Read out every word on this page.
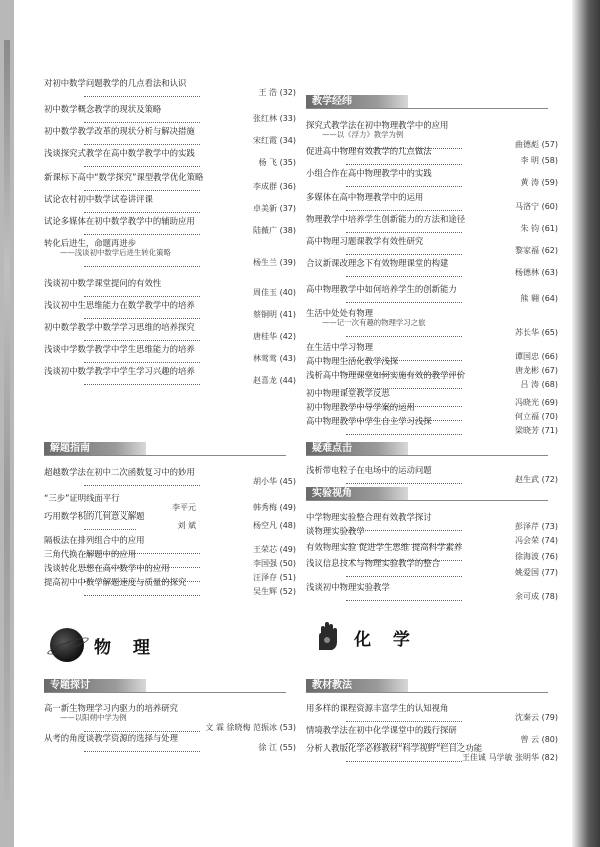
对初中数学问题教学的几点看法和认识
王 浩 (32)
初中数学概念教学的现状及策略
张红林 (33)
初中数学教学改革的现状分析与解决措施
宋红霞 (34)
浅谈探究式教学在高中数学教学中的实践
杨 飞 (35)
新课标下高中“数学探究”课型教学优化策略
李成群 (36)
试论农村初中数学试卷讲评课
卓美新 (37)
试论多媒体在初中数学教学中的辅助应用
陆薇广 (38)
转化后进生，命题再进步
——浅谈初中数学后进生转化策略
杨生兰 (39)
浅谈初中数学课堂提问的有效性
周佳玉 (40)
浅议初中生思维能力在数学教学中的培养
蔡铜明 (41)
初中数学教学中数学学习思维的培养探究
唐桂华 (42)
浅谈中学数学教学中学生思维能力的培养
林莺莺 (43)
浅谈初中数学教学中学生学习兴趣的培养
赵喜龙 (44)
解题指南
超越数学法在初中二次函数复习中的妙用
胡小华 (45)
“三步”证明线面平行
韩秀梅 (49)
李平元
巧用数学积的几何意义解题
杨空凡 (48)
刘 斌
隔板法在排列组合中的应用
王荣芯 (49)
三角代换在解题中的应用
李国强 (50)
浅谈转化思想在高中数学中的应用
汪泽存 (51)
提高初中中数学解题速度与质量的探究
吴生辉 (52)
物 理
专题探讨
高一新生物理学习内驱力的培养研究
——以阳朔中学为例
文 霖 徐晓梅 范振冰 (53)
从考的角度谈教学资源的选择与处理
徐 江 (55)
教学经纬
探究式教学法在初中物理教学中的应用
——以《浮力》教学为例
曲德彪 (57)
促进高中物理有效教学的几点做法
李 明 (58)
小组合作在高中物理教学中的实践
黄 涛 (59)
多媒体在高中物理教学中的运用
马洛宁 (60)
物理教学中培养学生创新能力的方法和途径
朱 钧 (61)
高中物理习题课教学有效性研究
黎家福 (62)
合议新课改理念下有效物理课堂的构建
杨德林 (63)
高中物理教学中如何培养学生的创新能力
熊 翱 (64)
生活中处处有物理
——记一次有趣的物理学习之旅
苏长华 (65)
在生活中学习物理
谭国忠 (66)
高中物理生活化教学浅探
唐龙彬 (67)
浅析高中物理课堂如何实施有效的教学评价
吕 涛 (68)
初中物理课堂教学反思
冯晓光 (69)
初中物理教学中导学案的运用
何立福 (70)
高中物理教学中学生自主学习浅探
梁晓芳 (71)
疑难点击
浅析带电粒子在电场中的运动问题
赵生武 (72)
实验视角
中学物理实验整合理有效教学探讨
彭泽芹 (73)
谈物理实验教学
冯会荣 (74)
有效物理实验 促进学生思维 提高科学素养
徐海波 (76)
浅议信息技术与物理实验教学的整合
姚爱国 (77)
浅谈初中物理实验教学
余可成 (78)
化 学
教材教法
用多样的课程资源丰富学生的认知视角
沈秦云 (79)
情境教学法在初中化学课堂中的践行探研
曾 云 (80)
分析人教版化学必修教材“科学视野”栏目之功能
王佳诚 马学敏 张明华 (82)
